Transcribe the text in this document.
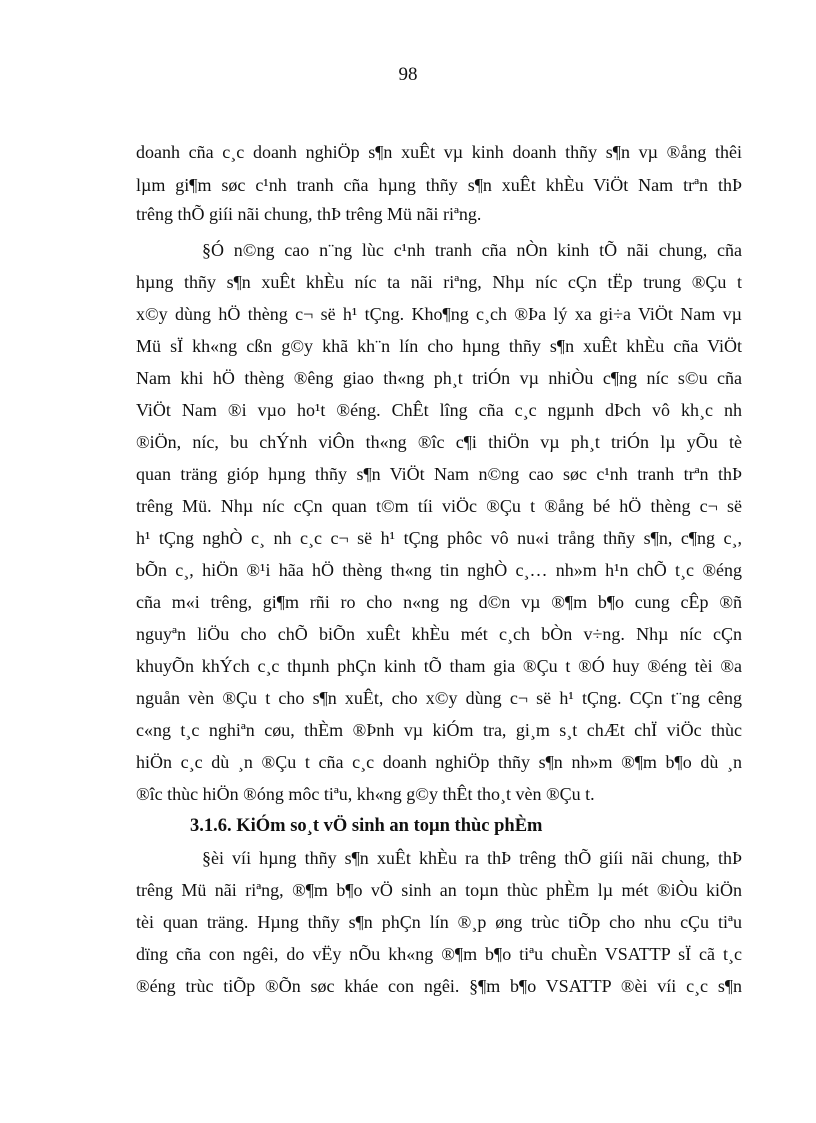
98
doanh cña c¸c doanh nghiÖp s¶n xuÊt vµ kinh doanh thñy s¶n vµ ®ång thêi
lµm gi¶m søc c¹nh tranh cña hµng thñy s¶n xuÊt khÈu ViÖt Nam trªn thÞ
trêng thÕ giíi nãi chung, thÞ trêng Mü nãi riªng.
§Ó n©ng cao n¨ng lùc c¹nh tranh cña nÒn kinh tÕ nãi chung, cña
hµng thñy s¶n xuÊt khÈu níc ta nãi riªng, Nhµ níc cÇn tËp trung ®Çu t
x©y dùng hÖ thèng c¬ së h¹ tÇng. Kho¶ng c¸ch ®Þa lý xa gi÷a ViÖt Nam vµ
Mü sÏ kh«ng cßn g©y khã kh¨n lín cho hµng thñy s¶n xuÊt khÈu cña ViÖt
Nam khi hÖ thèng ®êng giao th«ng ph¸t triÓn vµ nhiÒu c¶ng níc s©u cña
ViÖt Nam ®i vµo ho¹t ®éng. ChÊt lîng cña c¸c ngµnh dÞch vô kh¸c nh
®iÖn, níc, bu chÝnh viÔn th«ng ®îc c¶i thiÖn vµ ph¸t triÓn lµ yÕu tè
quan träng gióp hµng thñy s¶n ViÖt Nam n©ng cao søc c¹nh tranh trªn thÞ
trêng Mü. Nhµ níc cÇn quan t©m tíi viÖc ®Çu t ®ång bé hÖ thèng c¬ së
h¹ tÇng nghÒ c¸ nh c¸c c¬ së h¹ tÇng phôc vô nu«i trång thñy s¶n, c¶ng c¸,
bÕn c¸, hiÖn ®¹i hãa hÖ thèng th«ng tin nghÒ c¸… nh»m h¹n chÕ t¸c ®éng
cña m«i trêng, gi¶m rñi ro cho n«ng ng d©n vµ ®¶m b¶o cung cÊp ®ñ
nguyªn liÖu cho chÕ biÕn xuÊt khÈu mét c¸ch bÒn v÷ng. Nhµ níc cÇn
khuyÕn khÝch c¸c thµnh phÇn kinh tÕ tham gia ®Çu t ®Ó huy ®éng tèi ®a
nguån vèn ®Çu t cho s¶n xuÊt, cho x©y dùng c¬ së h¹ tÇng. CÇn t¨ng cêng
c«ng t¸c nghiªn cøu, thÈm ®Þnh vµ kiÓm tra, gi¸m s¸t chÆt chÏ viÖc thùc
hiÖn c¸c dù ¸n ®Çu t cña c¸c doanh nghiÖp thñy s¶n nh»m ®¶m b¶o dù ¸n
®îc thùc hiÖn ®óng môc tiªu, kh«ng g©y thÊt tho¸t vèn ®Çu t.
3.1.6. KiÓm so¸t vÖ sinh an toµn thùc phÈm
§èi víi hµng thñy s¶n xuÊt khÈu ra thÞ trêng thÕ giíi nãi chung, thÞ
trêng Mü nãi riªng, ®¶m b¶o vÖ sinh an toµn thùc phÈm lµ mét ®iÒu kiÖn
tèi quan träng. Hµng thñy s¶n phÇn lín ®¸p øng trùc tiÕp cho nhu cÇu tiªu
dïng cña con ngêi, do vËy nÕu kh«ng ®¶m b¶o tiªu chuÈn VSATTP sÏ cã t¸c
®éng trùc tiÕp ®Õn søc kháe con ngêi. §¶m b¶o VSATTP ®èi víi c¸c s¶n
